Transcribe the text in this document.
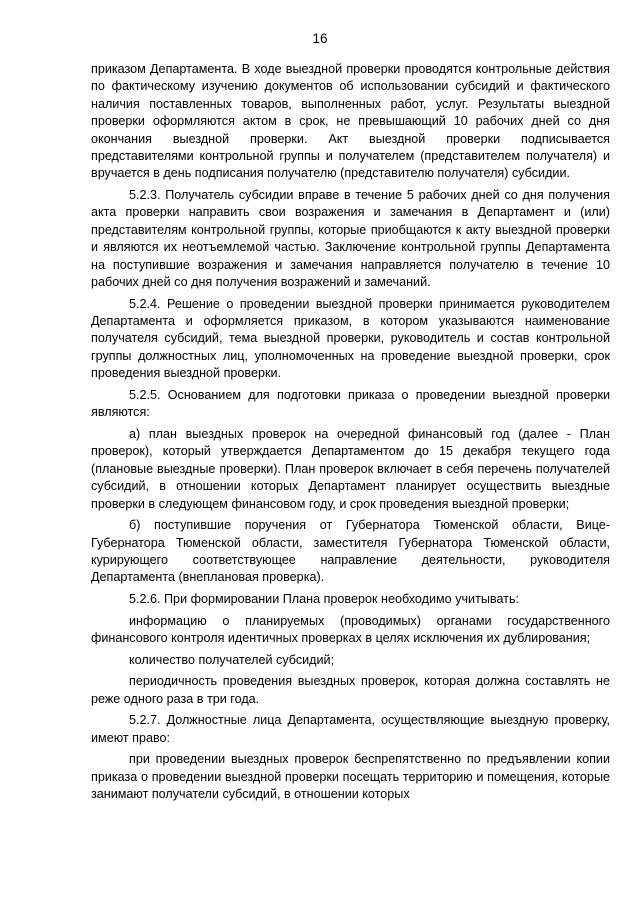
16

приказом Департамента. В ходе выездной проверки проводятся контрольные действия по фактическому изучению документов об использовании субсидий и фактического наличия поставленных товаров, выполненных работ, услуг. Результаты выездной проверки оформляются актом в срок, не превышающий 10 рабочих дней со дня окончания выездной проверки. Акт выездной проверки подписывается представителями контрольной группы и получателем (представителем получателя) и вручается в день подписания получателю (представителю получателя) субсидии.

5.2.3. Получатель субсидии вправе в течение 5 рабочих дней со дня получения акта проверки направить свои возражения и замечания в Департамент и (или) представителям контрольной группы, которые приобщаются к акту выездной проверки и являются их неотъемлемой частью. Заключение контрольной группы Департамента на поступившие возражения и замечания направляется получателю в течение 10 рабочих дней со дня получения возражений и замечаний.

5.2.4. Решение о проведении выездной проверки принимается руководителем Департамента и оформляется приказом, в котором указываются наименование получателя субсидий, тема выездной проверки, руководитель и состав контрольной группы должностных лиц, уполномоченных на проведение выездной проверки, срок проведения выездной проверки.

5.2.5. Основанием для подготовки приказа о проведении выездной проверки являются:

а) план выездных проверок на очередной финансовый год (далее - План проверок), который утверждается Департаментом до 15 декабря текущего года (плановые выездные проверки). План проверок включает в себя перечень получателей субсидий, в отношении которых Департамент планирует осуществить выездные проверки в следующем финансовом году, и срок проведения выездной проверки;

б) поступившие поручения от Губернатора Тюменской области, Вице-Губернатора Тюменской области, заместителя Губернатора Тюменской области, курирующего соответствующее направление деятельности, руководителя Департамента (внеплановая проверка).

5.2.6. При формировании Плана проверок необходимо учитывать:

информацию о планируемых (проводимых) органами государственного финансового контроля идентичных проверках в целях исключения их дублирования;

количество получателей субсидий;

периодичность проведения выездных проверок, которая должна составлять не реже одного раза в три года.

5.2.7. Должностные лица Департамента, осуществляющие выездную проверку, имеют право:

при проведении выездных проверок беспрепятственно по предъявлении копии приказа о проведении выездной проверки посещать территорию и помещения, которые занимают получатели субсидий, в отношении которых
